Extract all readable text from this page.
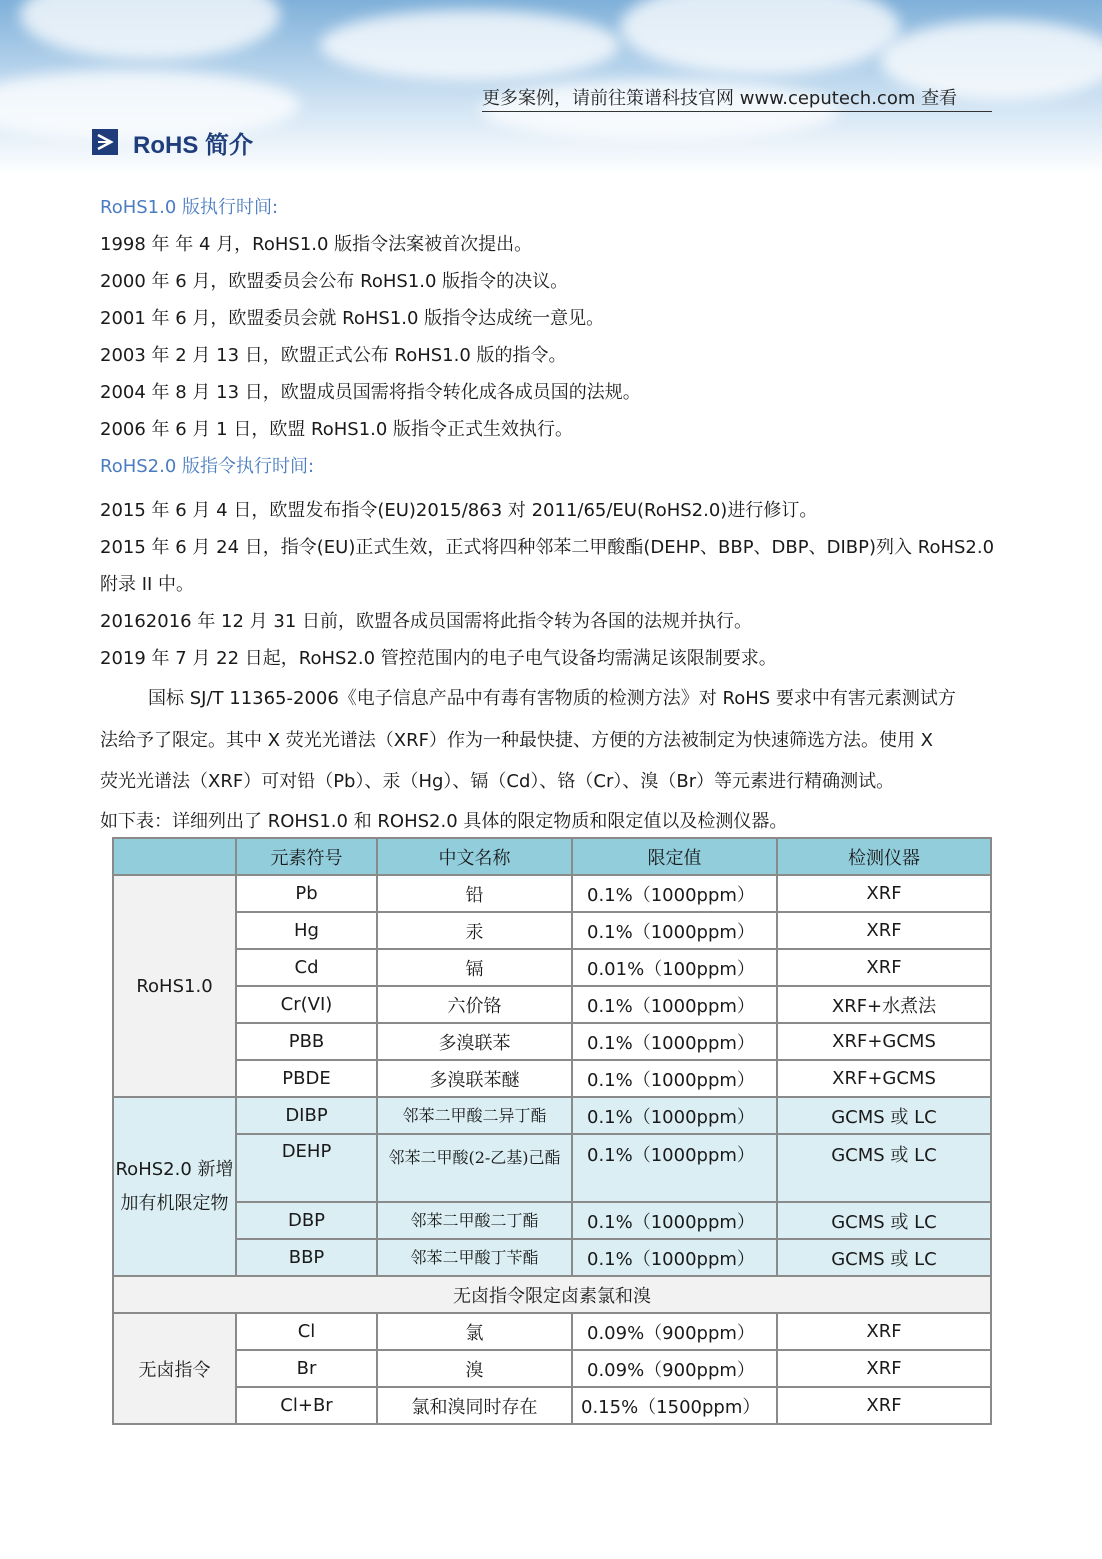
更多案例，请前往策谱科技官网 www.ceputech.com 查看
RoHS 简介
RoHS1.0 版执行时间:
1998 年 年 4 月，RoHS1.0 版指令法案被首次提出。
2000 年 6 月，欧盟委员会公布 RoHS1.0 版指令的决议。
2001 年 6 月，欧盟委员会就 RoHS1.0 版指令达成统一意见。
2003 年 2 月 13 日，欧盟正式公布 RoHS1.0 版的指令。
2004 年 8 月 13 日，欧盟成员国需将指令转化成各成员国的法规。
2006 年 6 月 1 日，欧盟 RoHS1.0 版指令正式生效执行。
RoHS2.0 版指令执行时间:
2015 年 6 月 4 日，欧盟发布指令(EU)2015/863 对 2011/65/EU(RoHS2.0)进行修订。
2015 年 6 月 24 日，指令(EU)正式生效，正式将四种邻苯二甲酸酯(DEHP、BBP、DBP、DIBP)列入 RoHS2.0
附录 II 中。
20162016 年 12 月 31 日前，欧盟各成员国需将此指令转为各国的法规并执行。
2019 年 7 月 22 日起，RoHS2.0 管控范围内的电子电气设备均需满足该限制要求。
国标 SJ/T 11365-2006《电子信息产品中有毒有害物质的检测方法》对 RoHS 要求中有害元素测试方
法给予了限定。其中 X 荧光光谱法（XRF）作为一种最快捷、方便的方法被制定为快速筛选方法。使用 X
荧光光谱法（XRF）可对铅（Pb）、汞（Hg）、镉（Cd）、铬（Cr）、溴（Br）等元素进行精确测试。
如下表：详细列出了 ROHS1.0 和 ROHS2.0 具体的限定物质和限定值以及检测仪器。
	元素符号	中文名称	限定值	检测仪器
RoHS1.0	Pb	铅	0.1%（1000ppm）	XRF
	Hg	汞	0.1%（1000ppm）	XRF
	Cd	镉	0.01%（100ppm）	XRF
	Cr(VI)	六价铬	0.1%（1000ppm）	XRF+水煮法
	PBB	多溴联苯	0.1%（1000ppm）	XRF+GCMS
	PBDE	多溴联苯醚	0.1%（1000ppm）	XRF+GCMS

RoHS2.0 新增
加有机限定物	DIBP	邻苯二甲酸二异丁酯	0.1%（1000ppm）	GCMS 或 LC
	DEHP	邻苯二甲酸(2-乙基)己酯	0.1%（1000ppm）	GCMS 或 LC
	DBP	邻苯二甲酸二丁酯	0.1%（1000ppm）	GCMS 或 LC
	BBP	邻苯二甲酸丁苄酯	0.1%（1000ppm）	GCMS 或 LC
无卤指令限定卤素氯和溴				
无卤指令	Cl	氯	0.09%（900ppm）	XRF
	Br	溴	0.09%（900ppm）	XRF
	Cl+Br	氯和溴同时存在	0.15%（1500ppm）	XRF
